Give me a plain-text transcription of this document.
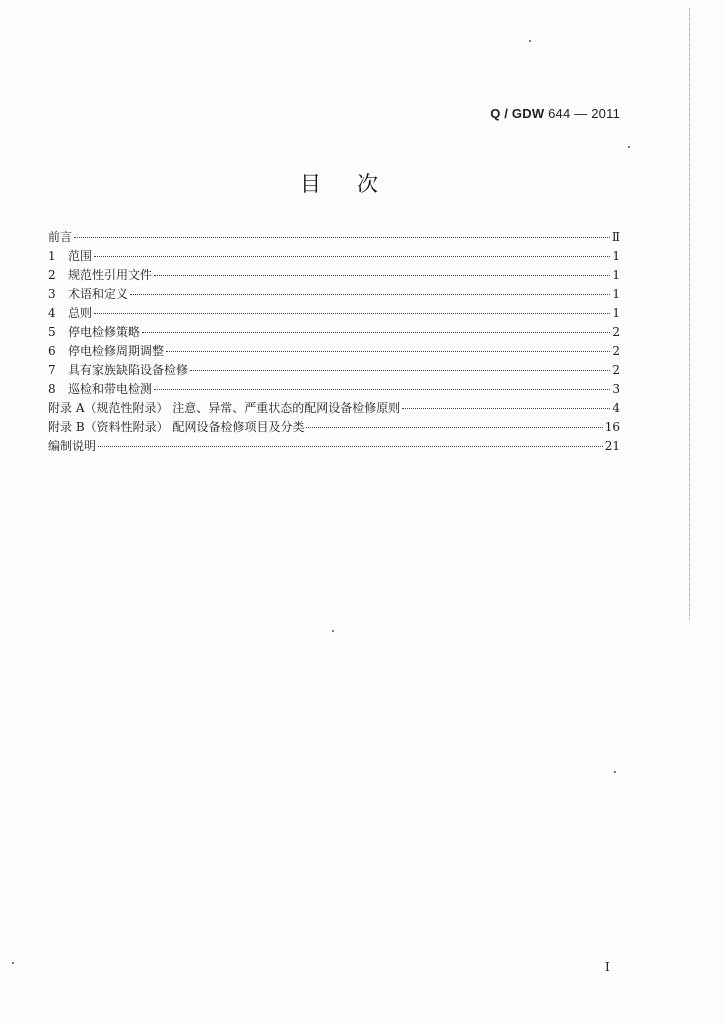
Q / GDW 644 — 2011
目 次
前言	Ⅱ
1	范围	1
2	规范性引用文件	1
3	术语和定义	1
4	总则	1
5	停电检修策略	2
6	停电检修周期调整	2
7	具有家族缺陷设备检修	2
8	巡检和带电检测	3
附录 A（规范性附录） 注意、异常、严重状态的配网设备检修原则	4
附录 B（资料性附录） 配网设备检修项目及分类	16
编制说明	21
I
